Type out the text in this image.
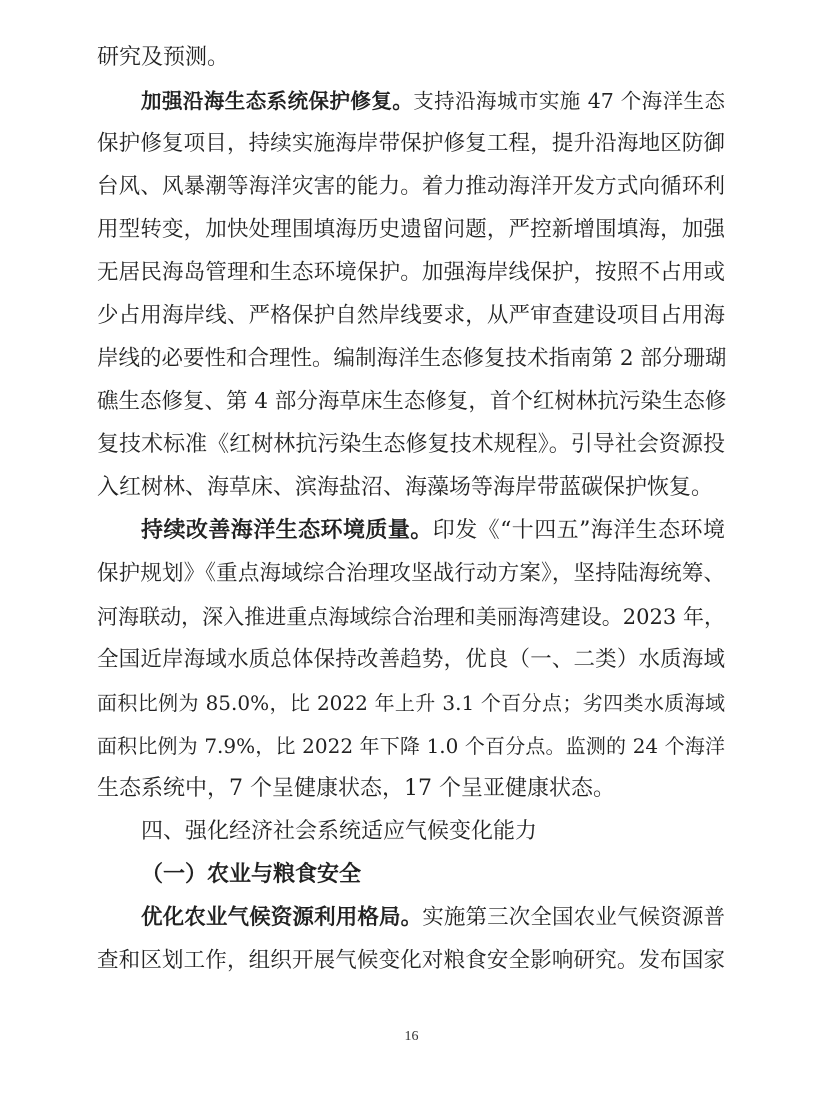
研究及预测。
加强沿海生态系统保护修复。支持沿海城市实施 47 个海洋生态
保护修复项目，持续实施海岸带保护修复工程，提升沿海地区防御
台风、风暴潮等海洋灾害的能力。着力推动海洋开发方式向循环利
用型转变，加快处理围填海历史遗留问题，严控新增围填海，加强
无居民海岛管理和生态环境保护。加强海岸线保护，按照不占用或
少占用海岸线、严格保护自然岸线要求，从严审查建设项目占用海
岸线的必要性和合理性。编制海洋生态修复技术指南第 2 部分珊瑚
礁生态修复、第 4 部分海草床生态修复，首个红树林抗污染生态修
复技术标准《红树林抗污染生态修复技术规程》。引导社会资源投
入红树林、海草床、滨海盐沼、海藻场等海岸带蓝碳保护恢复。
持续改善海洋生态环境质量。印发《“十四五”海洋生态环境
保护规划》《重点海域综合治理攻坚战行动方案》，坚持陆海统筹、
河海联动，深入推进重点海域综合治理和美丽海湾建设。2023 年，
全国近岸海域水质总体保持改善趋势，优良（一、二类）水质海域
面积比例为 85.0%，比 2022 年上升 3.1 个百分点；劣四类水质海域
面积比例为 7.9%，比 2022 年下降 1.0 个百分点。监测的 24 个海洋
生态系统中，7 个呈健康状态，17 个呈亚健康状态。
四、强化经济社会系统适应气候变化能力
（一）农业与粮食安全
优化农业气候资源利用格局。实施第三次全国农业气候资源普
查和区划工作，组织开展气候变化对粮食安全影响研究。发布国家
16
